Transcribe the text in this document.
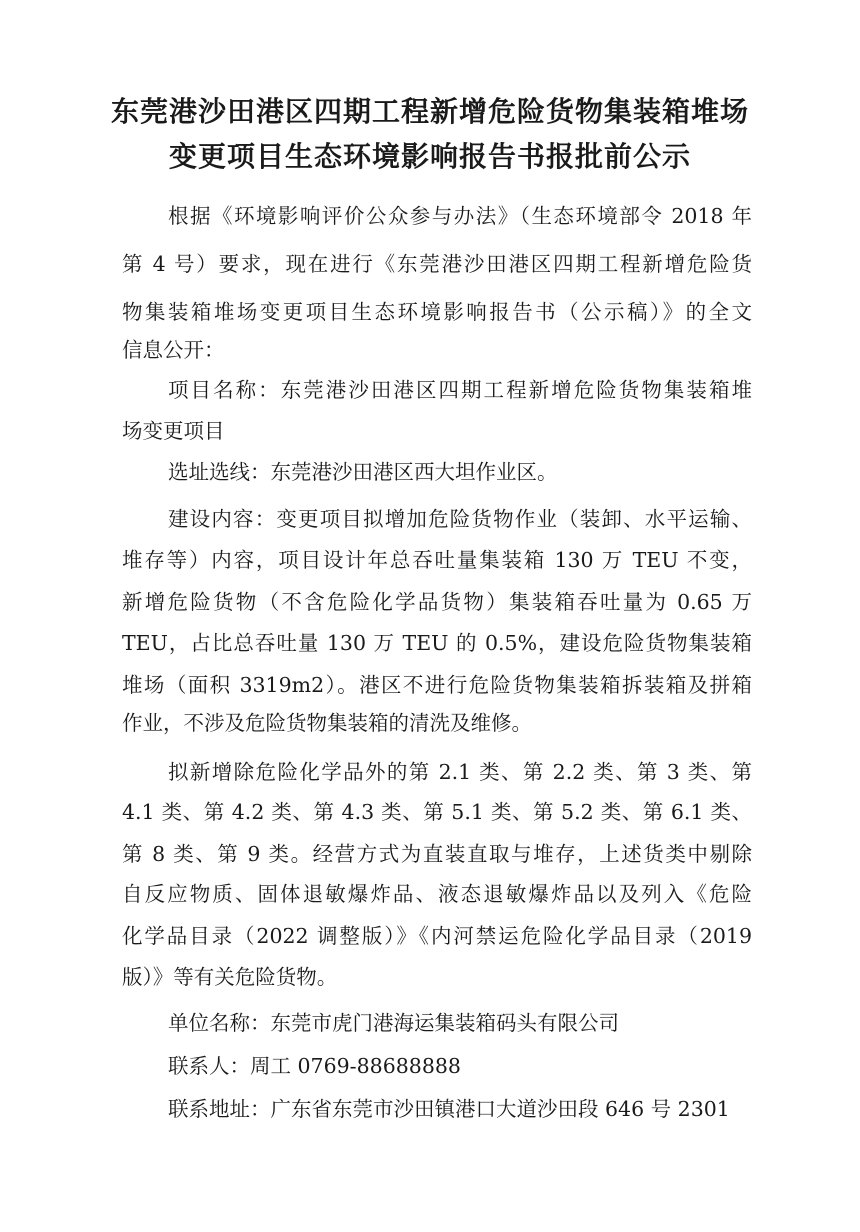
东莞港沙田港区四期工程新增危险货物集装箱堆场
变更项目生态环境影响报告书报批前公示
根据《环境影响评价公众参与办法》（生态环境部令 2018 年
第 4 号）要求，现在进行《东莞港沙田港区四期工程新增危险货
物集装箱堆场变更项目生态环境影响报告书（公示稿）》的全文
信息公开：
项目名称：东莞港沙田港区四期工程新增危险货物集装箱堆
场变更项目
选址选线：东莞港沙田港区西大坦作业区。
建设内容：变更项目拟增加危险货物作业（装卸、水平运输、
堆存等）内容，项目设计年总吞吐量集装箱 130 万 TEU 不变，
新增危险货物（不含危险化学品货物）集装箱吞吐量为 0.65 万
TEU，占比总吞吐量 130 万 TEU 的 0.5%，建设危险货物集装箱
堆场（面积 3319m2）。港区不进行危险货物集装箱拆装箱及拼箱
作业，不涉及危险货物集装箱的清洗及维修。
拟新增除危险化学品外的第 2.1 类、第 2.2 类、第 3 类、第
4.1 类、第 4.2 类、第 4.3 类、第 5.1 类、第 5.2 类、第 6.1 类、
第 8 类、第 9 类。经营方式为直装直取与堆存，上述货类中剔除
自反应物质、固体退敏爆炸品、液态退敏爆炸品以及列入《危险
化学品目录（2022 调整版）》《内河禁运危险化学品目录（2019
版）》等有关危险货物。
单位名称：东莞市虎门港海运集装箱码头有限公司
联系人：周工 0769-88688888
联系地址：广东省东莞市沙田镇港口大道沙田段 646 号 2301
